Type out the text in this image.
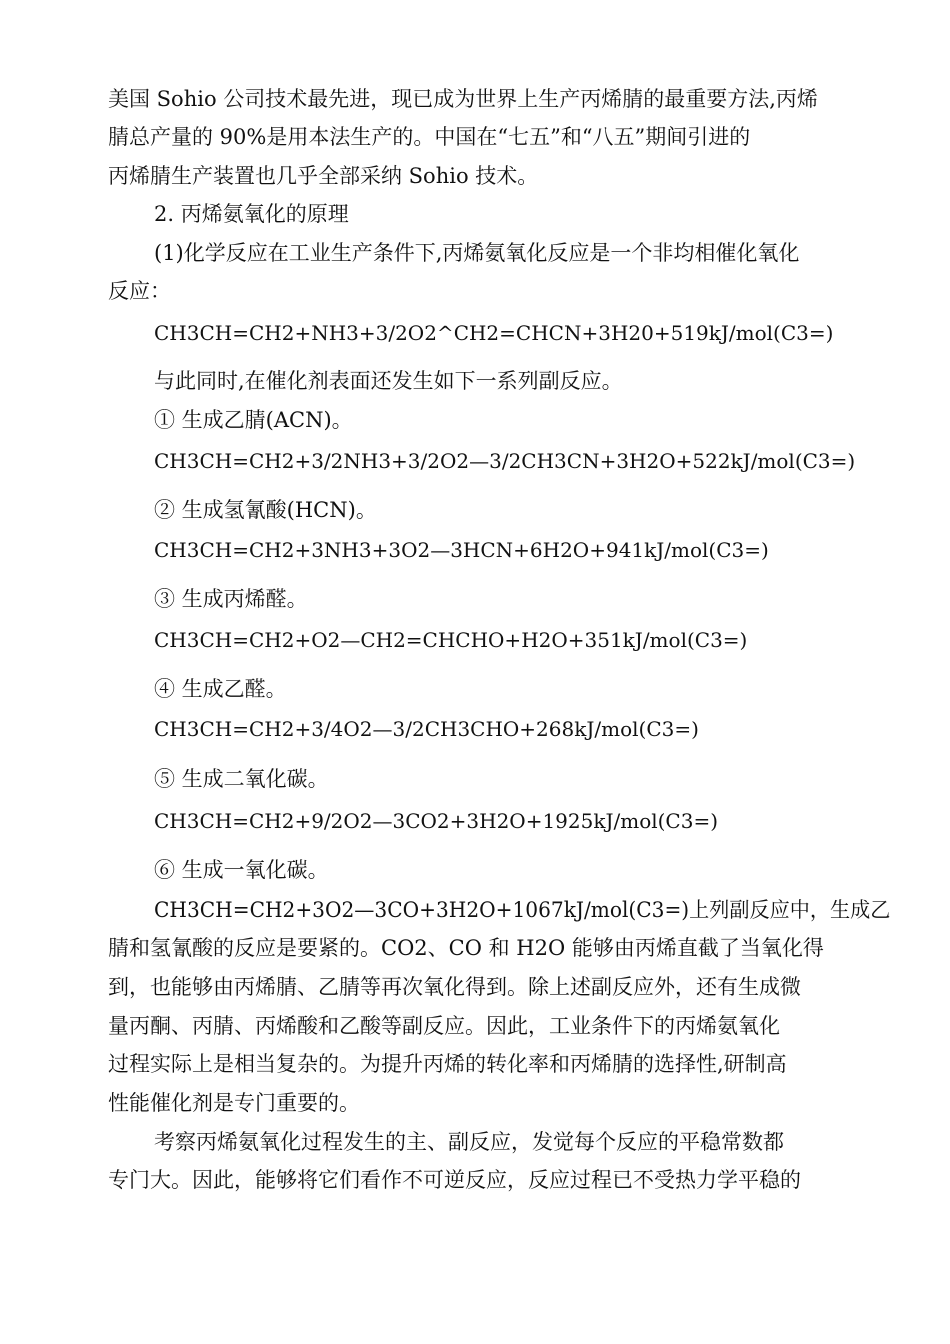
美国 Sohio 公司技术最先进，现已成为世界上生产丙烯腈的最重要方法,丙烯
腈总产量的 90%是用本法生产的。中国在“七五”和“八五”期间引进的
丙烯腈生产装置也几乎全部采纳 Sohio 技术。
2. 丙烯氨氧化的原理
(1)化学反应在工业生产条件下,丙烯氨氧化反应是一个非均相催化氧化
反应：
CH3CH=CH2+NH3+3/2O2^CH2=CHCN+3H20+519kJ/mol(C3=)
与此同时,在催化剂表面还发生如下一系列副反应。
① 生成乙腈(ACN)。
CH3CH=CH2+3/2NH3+3/2O2—3/2CH3CN+3H2O+522kJ/mol(C3=)
② 生成氢氰酸(HCN)。
CH3CH=CH2+3NH3+3O2—3HCN+6H2O+941kJ/mol(C3=)
③ 生成丙烯醛。
CH3CH=CH2+O2—CH2=CHCHO+H2O+351kJ/mol(C3=)
④ 生成乙醛。
CH3CH=CH2+3/4O2—3/2CH3CHO+268kJ/mol(C3=)
⑤ 生成二氧化碳。
CH3CH=CH2+9/2O2—3CO2+3H2O+1925kJ/mol(C3=)
⑥ 生成一氧化碳。
CH3CH=CH2+3O2—3CO+3H2O+1067kJ/mol(C3=)上列副反应中，生成乙
腈和氢氰酸的反应是要紧的。CO2、CO 和 H2O 能够由丙烯直截了当氧化得
到，也能够由丙烯腈、乙腈等再次氧化得到。除上述副反应外，还有生成微
量丙酮、丙腈、丙烯酸和乙酸等副反应。因此，工业条件下的丙烯氨氧化
过程实际上是相当复杂的。为提升丙烯的转化率和丙烯腈的选择性,研制高
性能催化剂是专门重要的。
考察丙烯氨氧化过程发生的主、副反应，发觉每个反应的平稳常数都
专门大。因此，能够将它们看作不可逆反应，反应过程已不受热力学平稳的
